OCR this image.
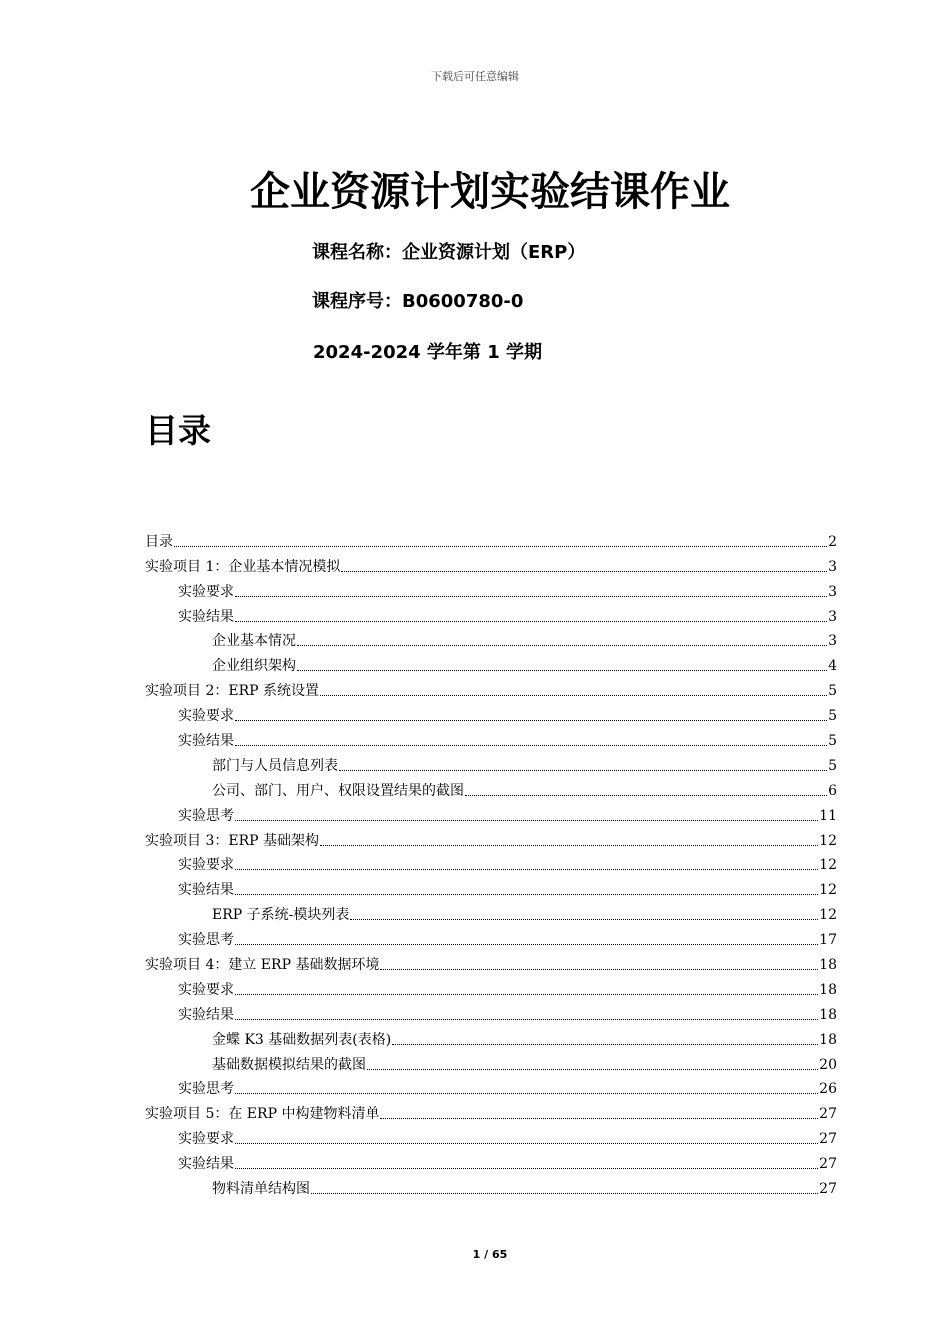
下载后可任意编辑
企业资源计划实验结课作业
课程名称：企业资源计划（ERP）
课程序号：B0600780-0
2024-2024 学年第 1 学期
目录
目录	2
实验项目 1：企业基本情况模拟	3
实验要求	3
实验结果	3
企业基本情况	3
企业组织架构	4
实验项目 2：ERP 系统设置	5
实验要求	5
实验结果	5
部门与人员信息列表	5
公司、部门、用户、权限设置结果的截图	6
实验思考	11
实验项目 3：ERP 基础架构	12
实验要求	12
实验结果	12
ERP 子系统-模块列表	12
实验思考	17
实验项目 4：建立 ERP 基础数据环境	18
实验要求	18
实验结果	18
金蝶 K3 基础数据列表(表格)	18
基础数据模拟结果的截图	20
实验思考	26
实验项目 5：在 ERP 中构建物料清单	27
实验要求	27
实验结果	27
物料清单结构图	27
1 / 65
